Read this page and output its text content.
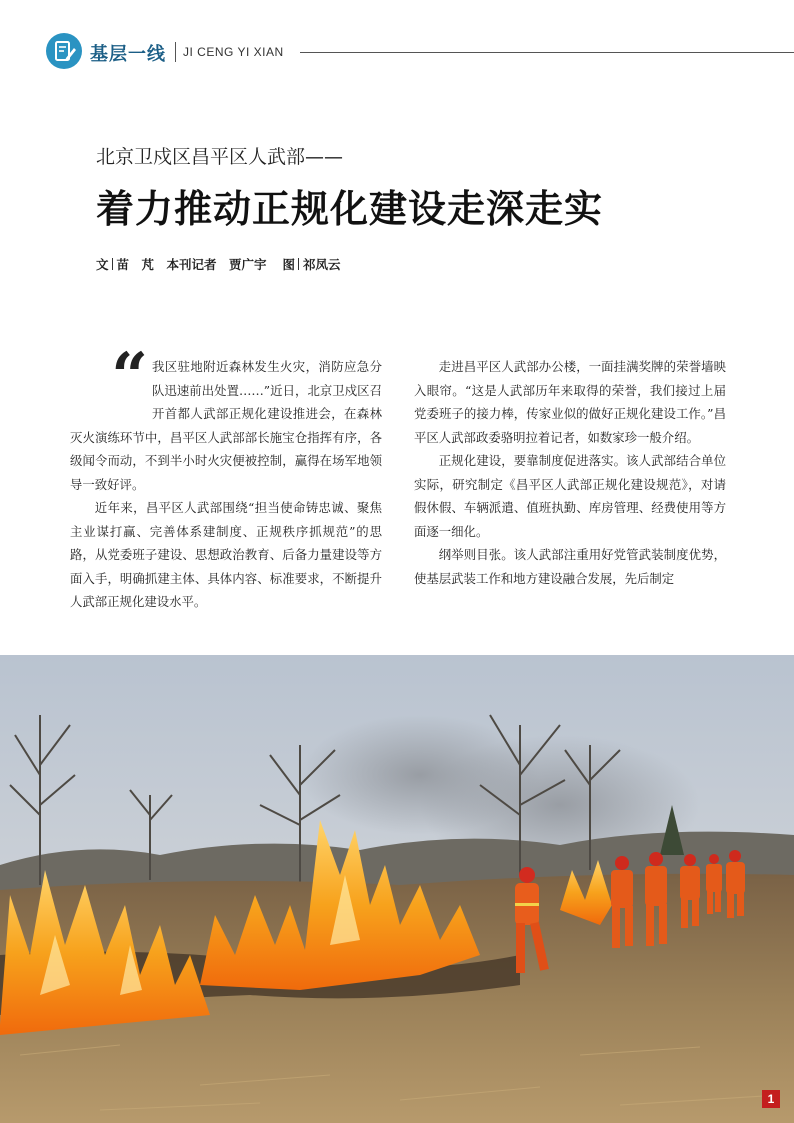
基层一线 JI CENG YI XIAN
北京卫戍区昌平区人武部——
着力推动正规化建设走深走实
文 苗　芃　本刊记者　贾广宇 图 祁凤云
“ 我区驻地附近森林发生火灾，消防应急分队迅速前出处置……”近日，北京卫戍区召开首都人武部正规化建设推进会，在森林灭火演练环节中，昌平区人武部部长施宝仓指挥有序，各级闻令而动，不到半小时火灾便被控制，赢得在场军地领导一致好评。

近年来，昌平区人武部围绕“担当使命铸忠诚、聚焦主业谋打赢、完善体系建制度、正规秩序抓规范”的思路，从党委班子建设、思想政治教育、后备力量建设等方面入手，明确抓建主体、具体内容、标准要求，不断提升人武部正规化建设水平。

走进昌平区人武部办公楼，一面挂满奖牌的荣誉墙映入眼帘。“这是人武部历年来取得的荣誉，我们接过上届党委班子的接力棒，传家业似的做好正规化建设工作。”昌平区人武部政委骆明拉着记者，如数家珍一般介绍。

正规化建设，要靠制度促进落实。该人武部结合单位实际，研究制定《昌平区人武部正规化建设规范》，对请假休假、车辆派遣、值班执勤、库房管理、经费使用等方面逐一细化。

纲举则目张。该人武部注重用好党管武装制度优势，使基层武装工作和地方建设融合发展，先后制定

1
